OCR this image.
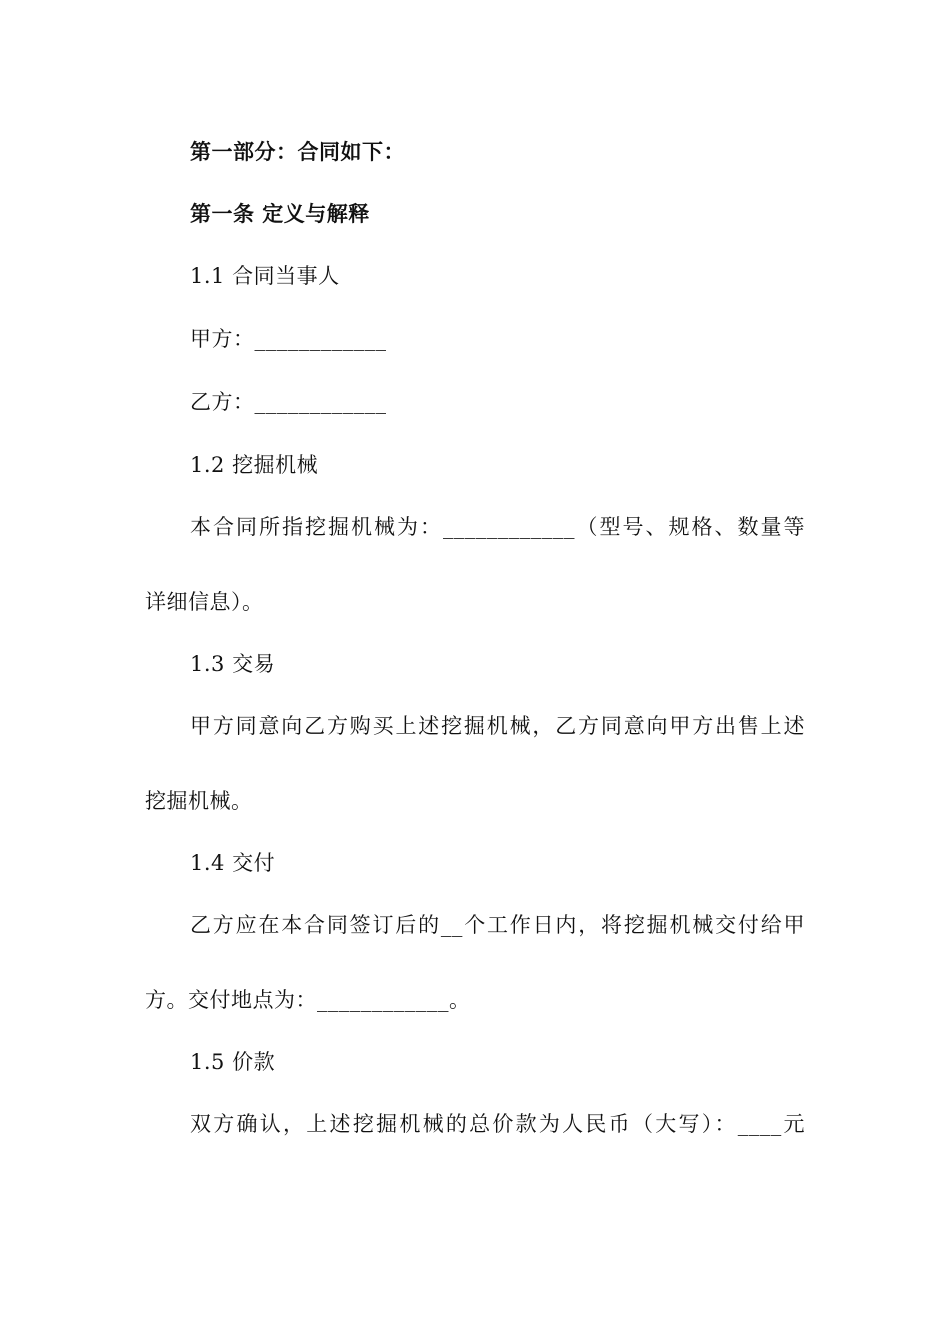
第一部分：合同如下：
第一条 定义与解释
1.1 合同当事人
甲方：____________
乙方：____________
1.2 挖掘机械
本合同所指挖掘机械为：____________（型号、规格、数量等
详细信息）。
1.3 交易
甲方同意向乙方购买上述挖掘机械，乙方同意向甲方出售上述
挖掘机械。
1.4 交付
乙方应在本合同签订后的__个工作日内，将挖掘机械交付给甲
方。交付地点为：____________。
1.5 价款
双方确认，上述挖掘机械的总价款为人民币（大写）：____元
